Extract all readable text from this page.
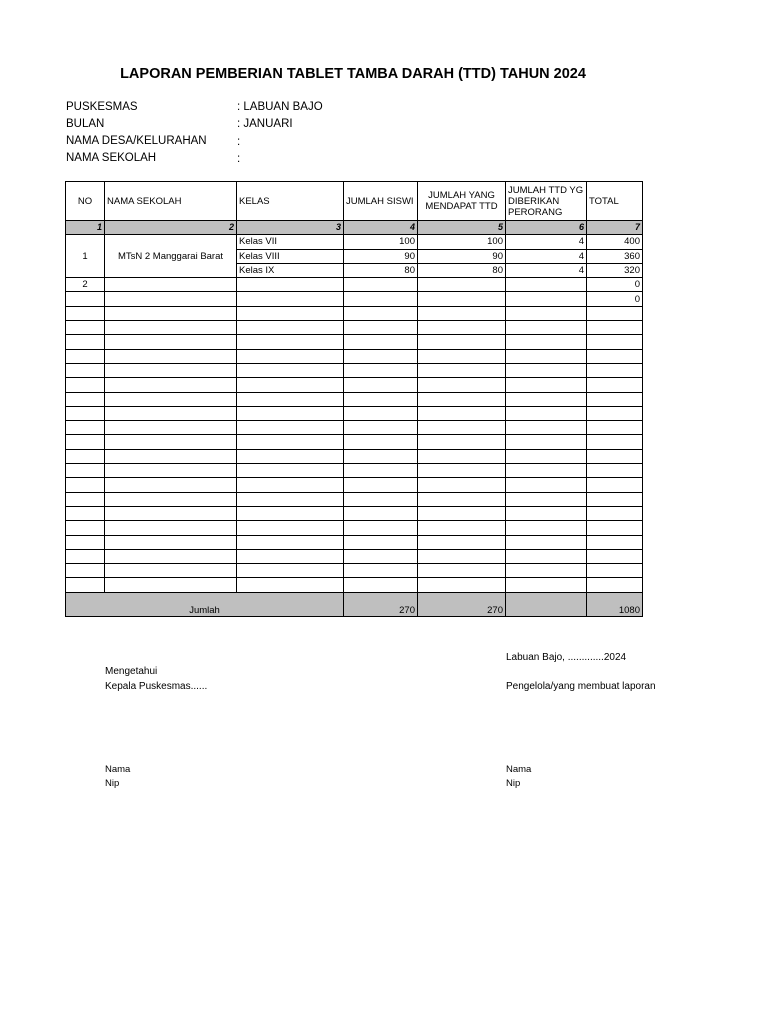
LAPORAN PEMBERIAN TABLET TAMBA DARAH (TTD) TAHUN 2024
PUSKESMAS	: LABUAN BAJO
BULAN	: JANUARI
NAMA DESA/KELURAHAN	:
NAMA SEKOLAH	:
NO	NAMA SEKOLAH	KELAS	JUMLAH SISWI	JUMLAH YANG MENDAPAT TTD	JUMLAH TTD YG DIBERIKAN PERORANG	TOTAL
1	2	3	4	5	6	7
1	MTsN 2 Manggarai Barat	Kelas VII	100	100	4	400
		Kelas VIII	90	90	4	360
		Kelas IX	80	80	4	320
2						0
						0

Jumlah			270	270		1080
Labuan Bajo, .............2024
Mengetahui
Kepala Puskesmas......	Pengelola/yang membuat laporan
Nama
Nip
Nama
Nip
